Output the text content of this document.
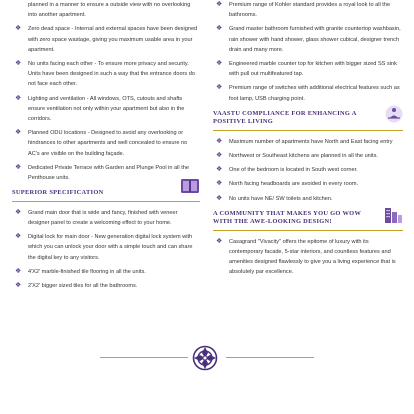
planned in a manner to ensure a outside view with no overlooking into another apartment.
❖ Zero dead space - Internal and external spaces have been designed with zero space wastage, giving you maximum usable area in your apartment.
❖ No units facing each other - To ensure more privacy and security. Units have been designed in such a way that the entrance doors do not face each other.
❖ Lighting and ventilation - All windows, OTS, cutouts and shafts ensure ventilation not only within your apartment but also in the corridors.
❖ Planned ODU locations - Designed to avoid any overlooking or hindrances to other apartments and well concealed to ensure no AC's are visible on the building façade.
❖ Dedicated Private Terrace with Garden and Plunge Pool in all the Penthouse units.
SUPERIOR SPECIFICATION
❖ Grand main door that is wide and fancy, finished with veneer designer panel to create a welcoming effect to your home.
❖ Digital lock for main door - New generation digital lock system with which you can unlock your door with a simple touch and can share the digital key to any visitors.
❖ 4'X2' marble-finished tile flooring in all the units.
❖ 2'X2' bigger sized tiles for all the bathrooms.
❖ Premium range of Kohler standard provides a royal look to all the bathrooms.
❖ Grand master bathroom furnished with granite countertop washbasin, rain shower with hand shower, glass shower cubical, designer trench drain and many more.
❖ Engineered marble counter top for kitchen with bigger sized SS sink with pull out multifeatured tap.
❖ Premium range of switches with additional electrical features such as foot lamp, USB charging point.
VAASTU COMPLIANCE FOR ENHANCING A POSITIVE LIVING
❖ Maximum number of apartments have North and East facing entry
❖ Northwest or Southeast kitchens are planned in all the units.
❖ One of the bedroom is located in South west corner.
❖ North facing headboards are avoided in every room.
❖ No units have NE/ SW toilets and kitchen.
A COMMUNITY THAT MAKES YOU GO WOW WITH THE AWE-LOOKING DESIGN!
❖ Casagrand "Vivacity" offers the epitome of luxury with its contemporary facade, 5-star interiors, and countless features and amenities designed flawlessly to give you a living experience that is absolutely par excellence.
